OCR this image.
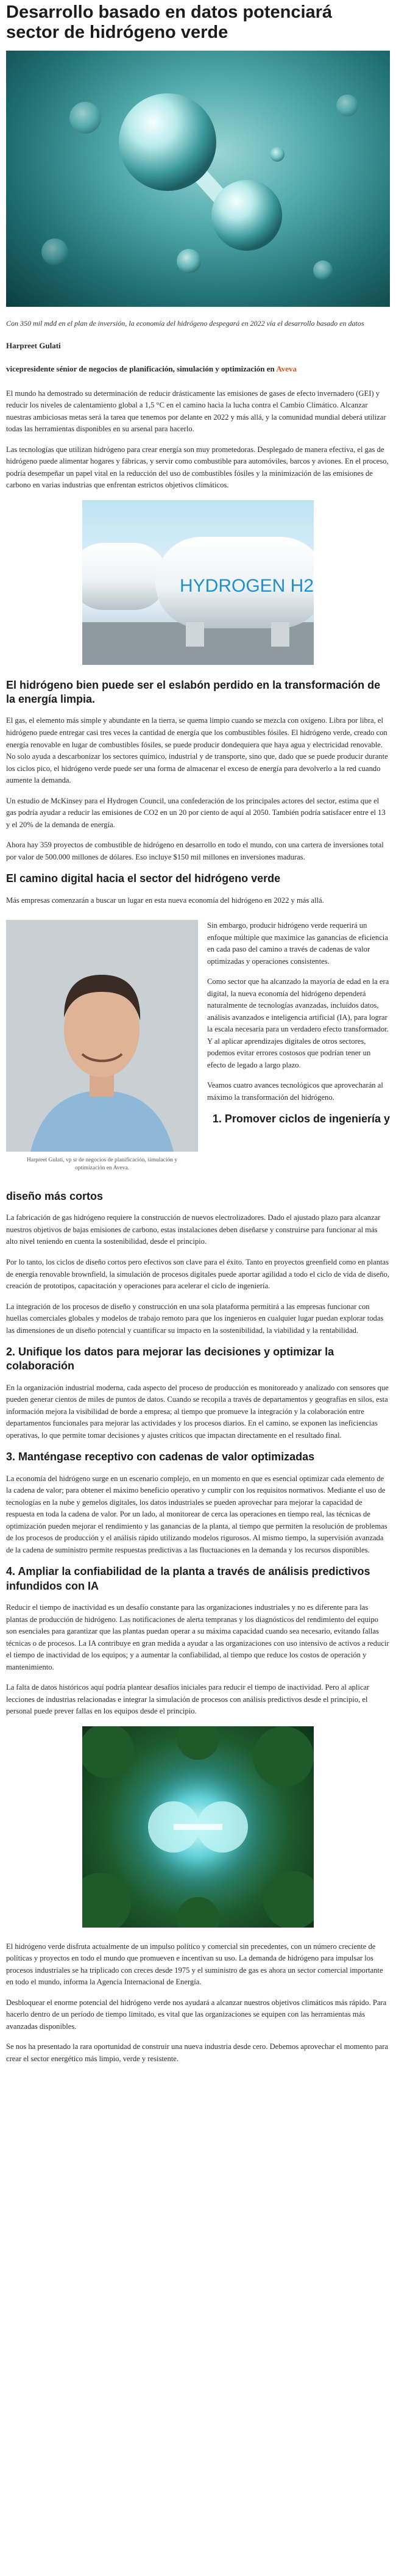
Desarrollo basado en datos potenciará sector de hidrógeno verde

Con 350 mil mdd en el plan de inversión, la economía del hidrógeno despegará en 2022 vía el desarrollo basado en datos

Harpreet Gulati
vicepresidente sénior de negocios de planificación, simulación y optimización en Aveva

El mundo ha demostrado su determinación de reducir drásticamente las emisiones de gases de efecto invernadero (GEI) y reducir los niveles de calentamiento global a 1,5 °C en el camino hacia la lucha contra el Cambio Climático. Alcanzar nuestras ambiciosas metas será la tarea que tenemos por delante en 2022 y más allá, y la comunidad mundial deberá utilizar todas las herramientas disponibles en su arsenal para hacerlo.

Las tecnologías que utilizan hidrógeno para crear energía son muy prometedoras. Desplegado de manera efectiva, el gas de hidrógeno puede alimentar hogares y fábricas, y servir como combustible para automóviles, barcos y aviones. En el proceso, podría desempeñar un papel vital en la reducción del uso de combustibles fósiles y la minimización de las emisiones de carbono en varias industrias que enfrentan estrictos objetivos climáticos.

HYDROGEN H2
El hidrógeno bien puede ser el eslabón perdido en la transformación de la energía limpia.

El gas, el elemento más simple y abundante en la tierra, se quema limpio cuando se mezcla con oxígeno. Libra por libra, el hidrógeno puede entregar casi tres veces la cantidad de energía que los combustibles fósiles. El hidrógeno verde, creado con energía renovable en lugar de combustibles fósiles, se puede producir dondequiera que haya agua y electricidad renovable. No solo ayuda a descarbonizar los sectores químico, industrial y de transporte, sino que, dado que se puede producir durante los ciclos pico, el hidrógeno verde puede ser una forma de almacenar el exceso de energía para devolverlo a la red cuando aumente la demanda.

Un estudio de McKinsey para el Hydrogen Council, una confederación de los principales actores del sector, estima que el gas podría ayudar a reducir las emisiones de CO2 en un 20 por ciento de aquí al 2050. También podría satisfacer entre el 13 y el 20% de la demanda de energía.

Ahora hay 359 proyectos de combustible de hidrógeno en desarrollo en todo el mundo, con una cartera de inversiones total por valor de 500.000 millones de dólares. Eso incluye $150 mil millones en inversiones maduras.

El camino digital hacia el sector del hidrógeno verde

Más empresas comenzarán a buscar un lugar en esta nueva economía del hidrógeno en 2022 y más allá.

Harpreet Gulati, vp sr de negocios de planificación, simulación y optimización en Aveva.

Sin embargo, producir hidrógeno verde requerirá un enfoque múltiple que maximice las ganancias de eficiencia en cada paso del camino a través de cadenas de valor optimizadas y operaciones consistentes.

Como sector que ha alcanzado la mayoría de edad en la era digital, la nueva economía del hidrógeno dependerá naturalmente de tecnologías avanzadas, incluidos datos, análisis avanzados e inteligencia artificial (IA), para lograr la escala necesaria para un verdadero efecto transformador. Y al aplicar aprendizajes digitales de otros sectores, podemos evitar errores costosos que podrían tener un efecto de legado a largo plazo.

Veamos cuatro avances tecnológicos que aprovecharán al máximo la transformación del hidrógeno.

1. Promover ciclos de ingeniería y
diseño más cortos

La fabricación de gas hidrógeno requiere la construcción de nuevos electrolizadores. Dado el ajustado plazo para alcanzar nuestros objetivos de bajas emisiones de carbono, estas instalaciones deben diseñarse y construirse para funcionar al más alto nivel teniendo en cuenta la sostenibilidad, desde el principio.

Por lo tanto, los ciclos de diseño cortos pero efectivos son clave para el éxito. Tanto en proyectos greenfield como en plantas de energía renovable brownfield, la simulación de procesos digitales puede aportar agilidad a todo el ciclo de vida de diseño, creación de prototipos, capacitación y operaciones para acelerar el ciclo de ingeniería.

La integración de los procesos de diseño y construcción en una sola plataforma permitirá a las empresas funcionar con huellas comerciales globales y modelos de trabajo remoto para que los ingenieros en cualquier lugar puedan explorar todas las dimensiones de un diseño potencial y cuantificar su impacto en la sostenibilidad, la viabilidad y la rentabilidad.

2. Unifique los datos para mejorar las decisiones y optimizar la colaboración

En la organización industrial moderna, cada aspecto del proceso de producción es monitoreado y analizado con sensores que pueden generar cientos de miles de puntos de datos. Cuando se recopila a través de departamentos y geografías en silos, esta información mejora la visibilidad de borde a empresa; al tiempo que promueve la integración y la colaboración entre departamentos funcionales para mejorar las actividades y los procesos diarios. En el camino, se exponen las ineficiencias operativas, lo que permite tomar decisiones y ajustes críticos que impactan directamente en el resultado final.

3. Manténgase receptivo con cadenas de valor optimizadas

La economía del hidrógeno surge en un escenario complejo, en un momento en que es esencial optimizar cada elemento de la cadena de valor; para obtener el máximo beneficio operativo y cumplir con los requisitos normativos. Mediante el uso de tecnologías en la nube y gemelos digitales, los datos industriales se pueden aprovechar para mejorar la capacidad de respuesta en toda la cadena de valor. Por un lado, al monitorear de cerca las operaciones en tiempo real, las técnicas de optimización pueden mejorar el rendimiento y las ganancias de la planta, al tiempo que permiten la resolución de problemas de los procesos de producción y el análisis rápido utilizando modelos rigurosos. Al mismo tiempo, la supervisión avanzada de la cadena de suministro permite respuestas predictivas a las fluctuaciones en la demanda y los recursos disponibles.

4. Ampliar la confiabilidad de la planta a través de análisis predictivos infundidos con IA

Reducir el tiempo de inactividad es un desafío constante para las organizaciones industriales y no es diferente para las plantas de producción de hidrógeno. Las notificaciones de alerta tempranas y los diagnósticos del rendimiento del equipo son esenciales para garantizar que las plantas puedan operar a su máxima capacidad cuando sea necesario, evitando fallas técnicas o de procesos. La IA contribuye en gran medida a ayudar a las organizaciones con uso intensivo de activos a reducir el tiempo de inactividad de los equipos; y a aumentar la confiabilidad, al tiempo que reduce los costos de operación y mantenimiento.

La falta de datos históricos aquí podría plantear desafíos iniciales para reducir el tiempo de inactividad. Pero al aplicar lecciones de industrias relacionadas e integrar la simulación de procesos con análisis predictivos desde el principio, el personal puede prever fallas en los equipos desde el principio.

El hidrógeno verde disfruta actualmente de un impulso político y comercial sin precedentes, con un número creciente de políticas y proyectos en todo el mundo que promueven e incentivan su uso. La demanda de hidrógeno para impulsar los procesos industriales se ha triplicado con creces desde 1975 y el suministro de gas es ahora un sector comercial importante en todo el mundo, informa la Agencia Internacional de Energía.

Desbloquear el enorme potencial del hidrógeno verde nos ayudará a alcanzar nuestros objetivos climáticos más rápido. Para hacerlo dentro de un período de tiempo limitado, es vital que las organizaciones se equipen con las herramientas más avanzadas disponibles.

Se nos ha presentado la rara oportunidad de construir una nueva industria desde cero. Debemos aprovechar el momento para crear el sector energético más limpio, verde y resistente.
